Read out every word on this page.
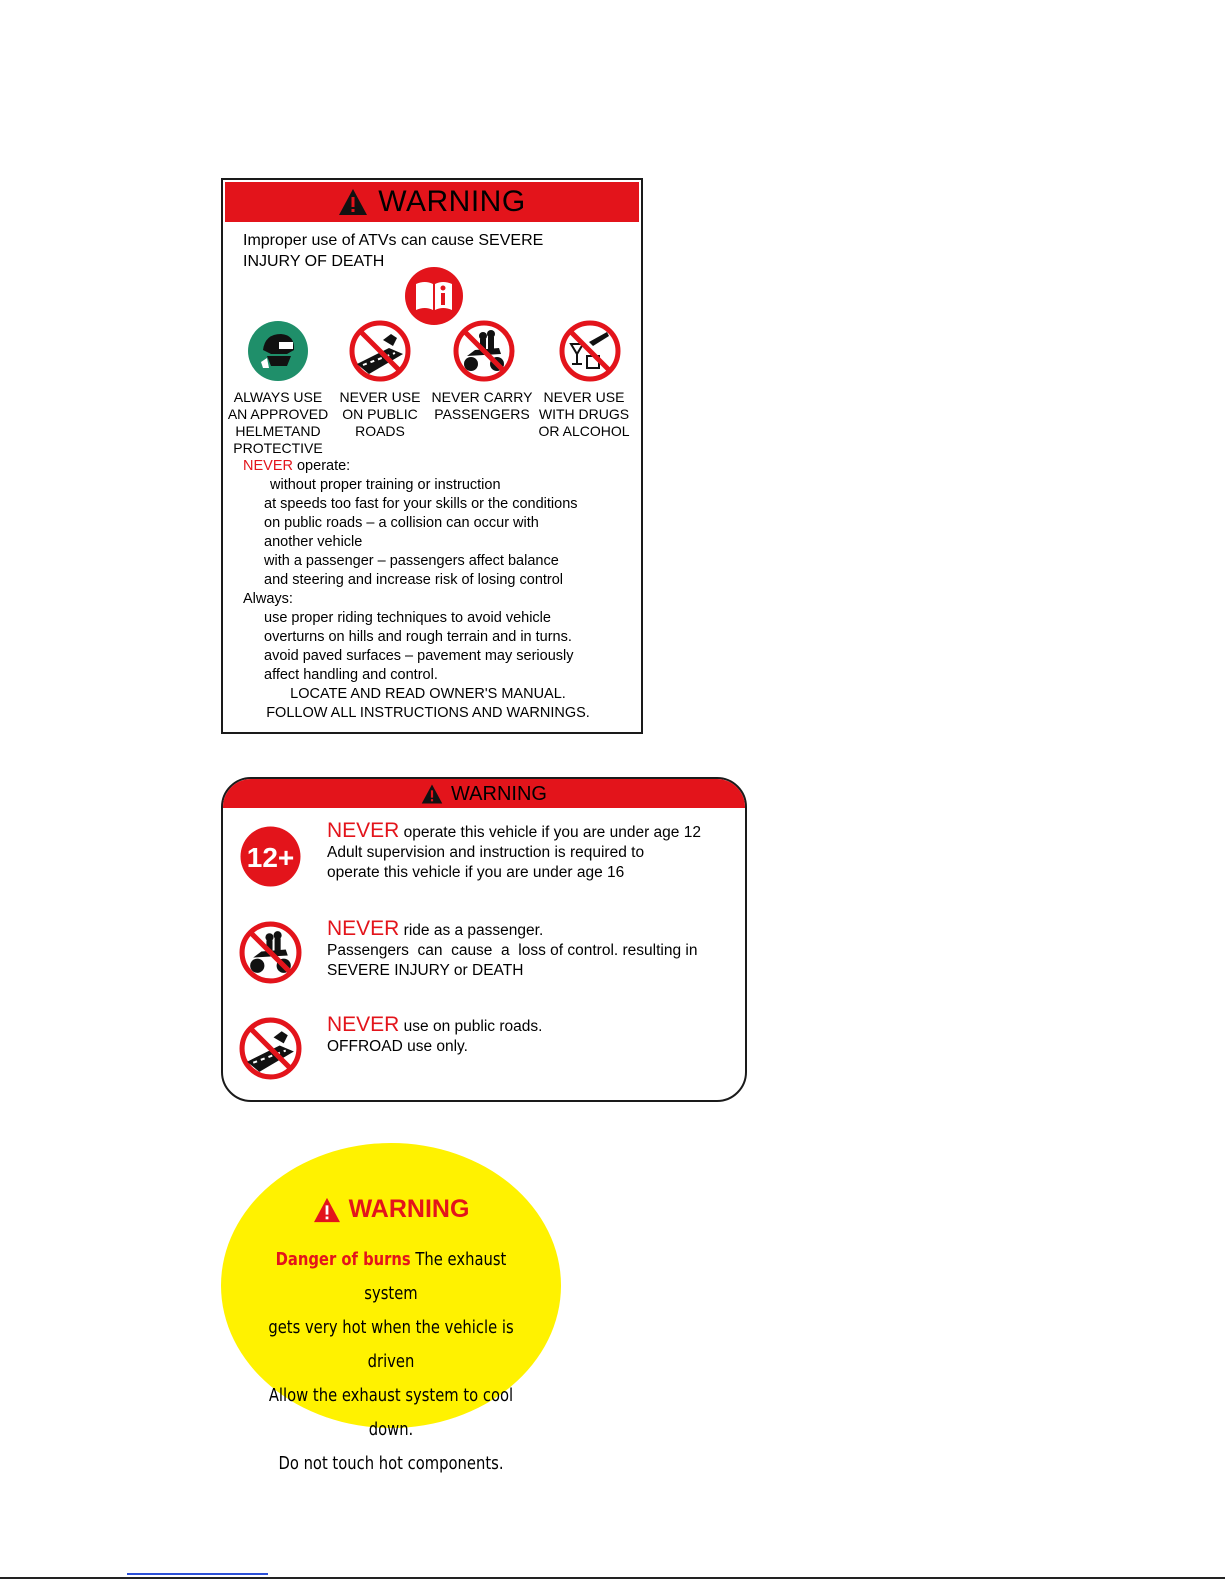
WARNING
Improper use of ATVs can cause SEVERE
INJURY OF DEATH
ALWAYS USE
AN APPROVED
HELMETAND
PROTECTIVE
NEVER USE
ON PUBLIC
ROADS
NEVER CARRY
PASSENGERS
NEVER USE
WITH DRUGS
OR ALCOHOL
NEVER operate:
without proper training or instruction
at speeds too fast for your skills or the conditions
on public roads – a collision can occur with
another vehicle
with a passenger – passengers affect balance
and steering and increase risk of losing control
Always:
use proper riding techniques to avoid vehicle
overturns on hills and rough terrain and in turns.
avoid paved surfaces – pavement may seriously
affect handling and control.
LOCATE AND READ OWNER'S MANUAL.
FOLLOW ALL INSTRUCTIONS AND WARNINGS.
WARNING
12+
NEVER operate this vehicle if you are under age 12
Adult supervision and instruction is required to
operate this vehicle if you are under age 16
NEVER ride as a passenger.
Passengers  can  cause  a  loss of control. resulting in
SEVERE INJURY or DEATH
NEVER use on public roads.
OFFROAD use only.
WARNING
Danger of burns The exhaust system
gets very hot when the vehicle is driven
Allow the exhaust system to cool down.
Do not touch hot components.
